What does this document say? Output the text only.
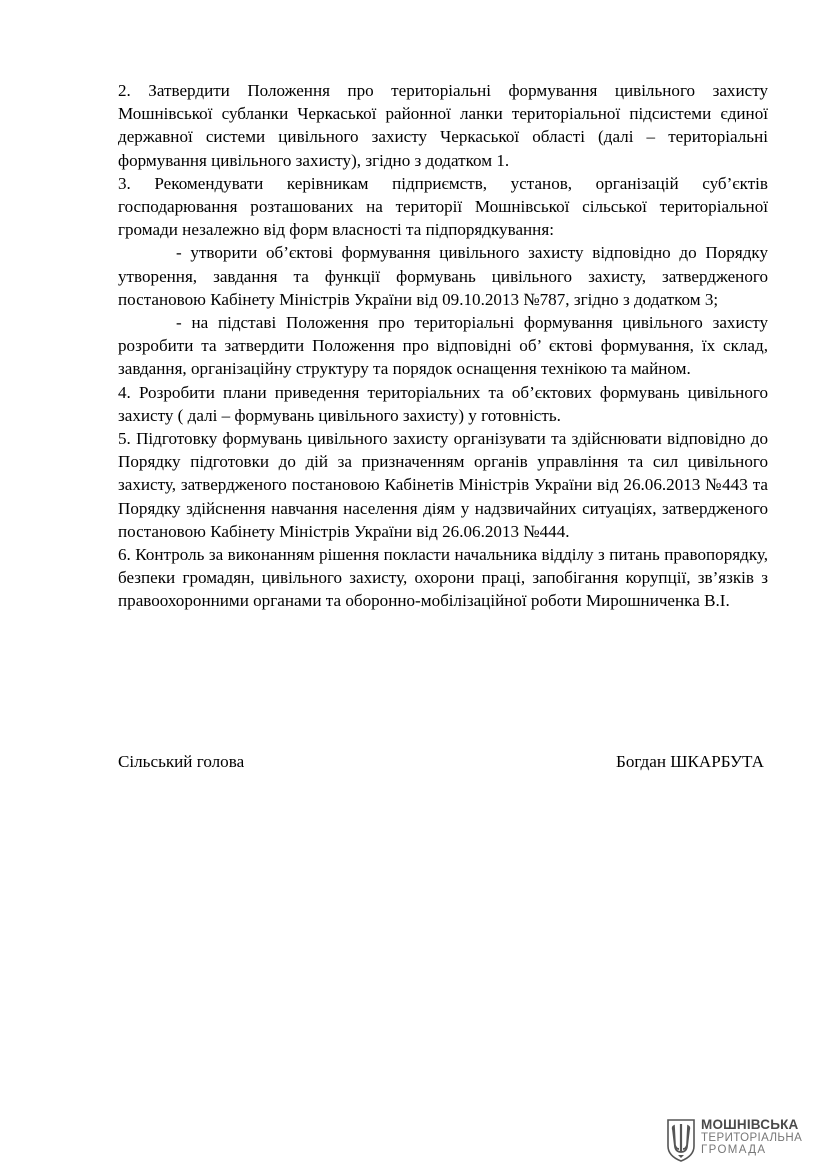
2. Затвердити Положення про територіальні формування цивільного захисту Мошнівської субланки Черкаської районної ланки територіальної підсистеми єдиної державної системи цивільного захисту Черкаської області (далі – територіальні формування цивільного захисту), згідно з додатком 1.

3. Рекомендувати керівникам підприємств, установ, організацій суб’єктів господарювання розташованих на території Мошнівської сільської територіальної громади незалежно від форм власності та підпорядкування:

- утворити об’єктові формування цивільного захисту відповідно до Порядку утворення, завдання та функції формувань цивільного захисту, затвердженого постановою Кабінету Міністрів України від 09.10.2013 №787, згідно з додатком 3;

- на підставі Положення про територіальні формування цивільного захисту розробити та затвердити Положення про відповідні об’ єктові формування, їх склад, завдання, організаційну структуру та порядок оснащення технікою та майном.

4. Розробити плани приведення територіальних та об’єктових формувань цивільного захисту ( далі – формувань цивільного захисту) у готовність.

5. Підготовку формувань цивільного захисту організувати та здійснювати відповідно до Порядку підготовки до дій за призначенням органів управління та сил цивільного захисту, затвердженого постановою Кабінетів Міністрів України від 26.06.2013 №443 та Порядку здійснення навчання населення діям у надзвичайних ситуаціях, затвердженого постановою Кабінету Міністрів України від 26.06.2013 №444.

6. Контроль за виконанням рішення покласти начальника відділу з питань правопорядку, безпеки громадян, цивільного захисту, охорони праці, запобігання корупції, зв’язків з правоохоронними органами та оборонно-мобілізаційної роботи Мирошниченка В.І.

Сільський голова	Богдан ШКАРБУТА
МОШНІВСЬКА
ТЕРИТОРІАЛЬНА
ГРОМАДА
